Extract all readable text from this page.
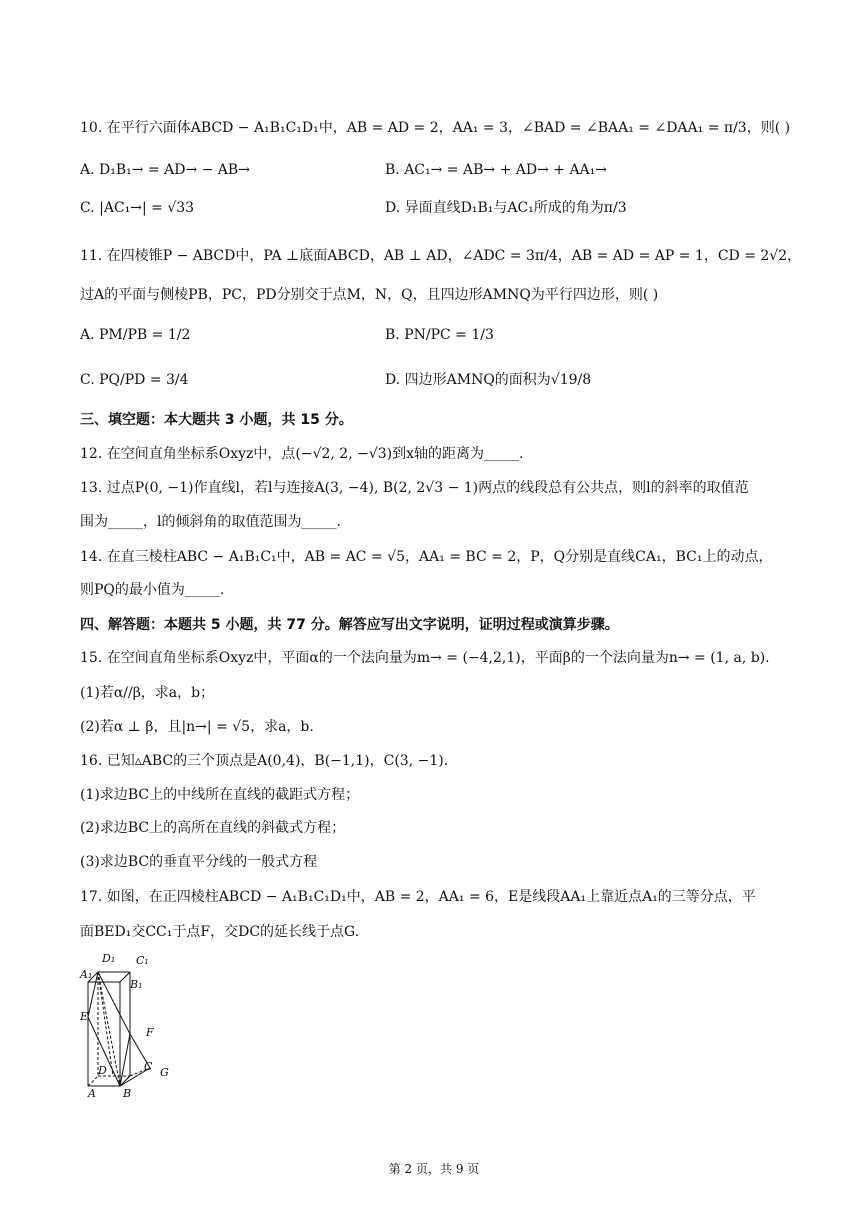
10. 在平行六面体ABCD − A₁B₁C₁D₁中，AB = AD = 2，AA₁ = 3，∠BAD = ∠BAA₁ = ∠DAA₁ = π/3，则( )
A. D₁B₁→ = AD→ − AB→	B. AC₁→ = AB→ + AD→ + AA₁→
C. |AC₁→| = √33	D. 异面直线D₁B₁与AC₁所成的角为π/3
11. 在四棱锥P − ABCD中，PA ⊥底面ABCD，AB ⊥ AD，∠ADC = 3π/4，AB = AD = AP = 1，CD = 2√2，
过A的平面与侧棱PB，PC，PD分别交于点M，N，Q，且四边形AMNQ为平行四边形，则( )
A. PM/PB = 1/2	B. PN/PC = 1/3
C. PQ/PD = 3/4	D. 四边形AMNQ的面积为√19/8
三、填空题：本大题共 3 小题，共 15 分。
12. 在空间直角坐标系Oxyz中，点(−√2, 2, −√3)到x轴的距离为_____.
13. 过点P(0, −1)作直线l，若l与连接A(3, −4), B(2, 2√3 − 1)两点的线段总有公共点，则l的斜率的取值范
围为_____，l的倾斜角的取值范围为_____.
14. 在直三棱柱ABC − A₁B₁C₁中，AB = AC = √5，AA₁ = BC = 2，P，Q分别是直线CA₁，BC₁上的动点，
则PQ的最小值为_____.
四、解答题：本题共 5 小题，共 77 分。解答应写出文字说明，证明过程或演算步骤。
15. 在空间直角坐标系Oxyz中，平面α的一个法向量为m→ = (−4,2,1)，平面β的一个法向量为n→ = (1, a, b).
(1)若α//β，求a，b；
(2)若α ⊥ β，且|n→| = √5，求a，b.
16. 已知▵ABC的三个顶点是A(0,4)，B(−1,1)，C(3, −1).
(1)求边BC上的中线所在直线的截距式方程；
(2)求边BC上的高所在直线的斜截式方程；
(3)求边BC的垂直平分线的一般式方程
17. 如图，在正四棱柱ABCD − A₁B₁C₁D₁中，AB = 2，AA₁ = 6，E是线段AA₁上靠近点A₁的三等分点，平
面BED₁交CC₁于点F，交DC的延长线于点G.
A₁
D₁ C₁
B₁
E
F
D	C G
A B
第 2 页，共 9 页
